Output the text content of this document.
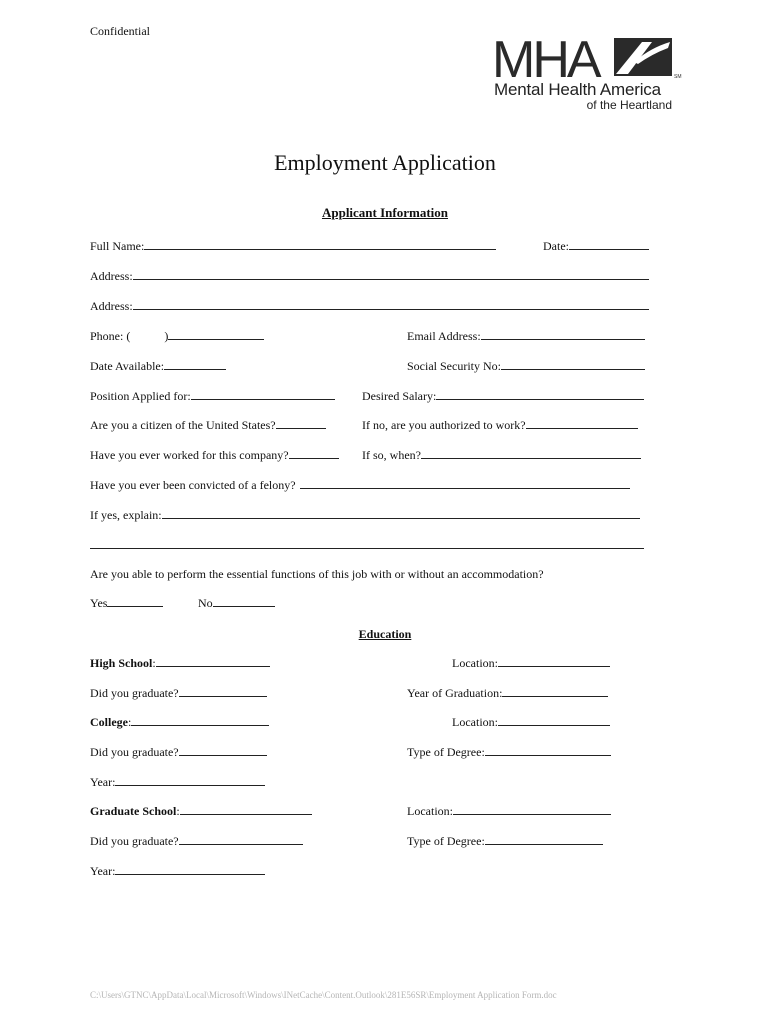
Confidential	MHA	SM
Mental Health America
of the Heartland
Employment Application
Applicant Information
Full Name:	Date:
Address:
Address:
Phone: (	)	Email Address:
Date Available:	Social Security No:
Position Applied for:	Desired Salary:
Are you a citizen of the United States?	If no, are you authorized to work?
Have you ever worked for this company?	If so, when?
Have you ever been convicted of a felony?
If yes, explain:
Are you able to perform the essential functions of this job with or without an accommodation?
Yes	No
Education
High School:	Location:
Did you graduate?	Year of Graduation:
College:	Location:
Did you graduate?	Type of Degree:
Year:
Graduate School:	Location:
Did you graduate?	Type of Degree:
Year:
C:\Users\GTNC\AppData\Local\Microsoft\Windows\INetCache\Content.Outlook\281E56SR\Employment Application Form.doc
